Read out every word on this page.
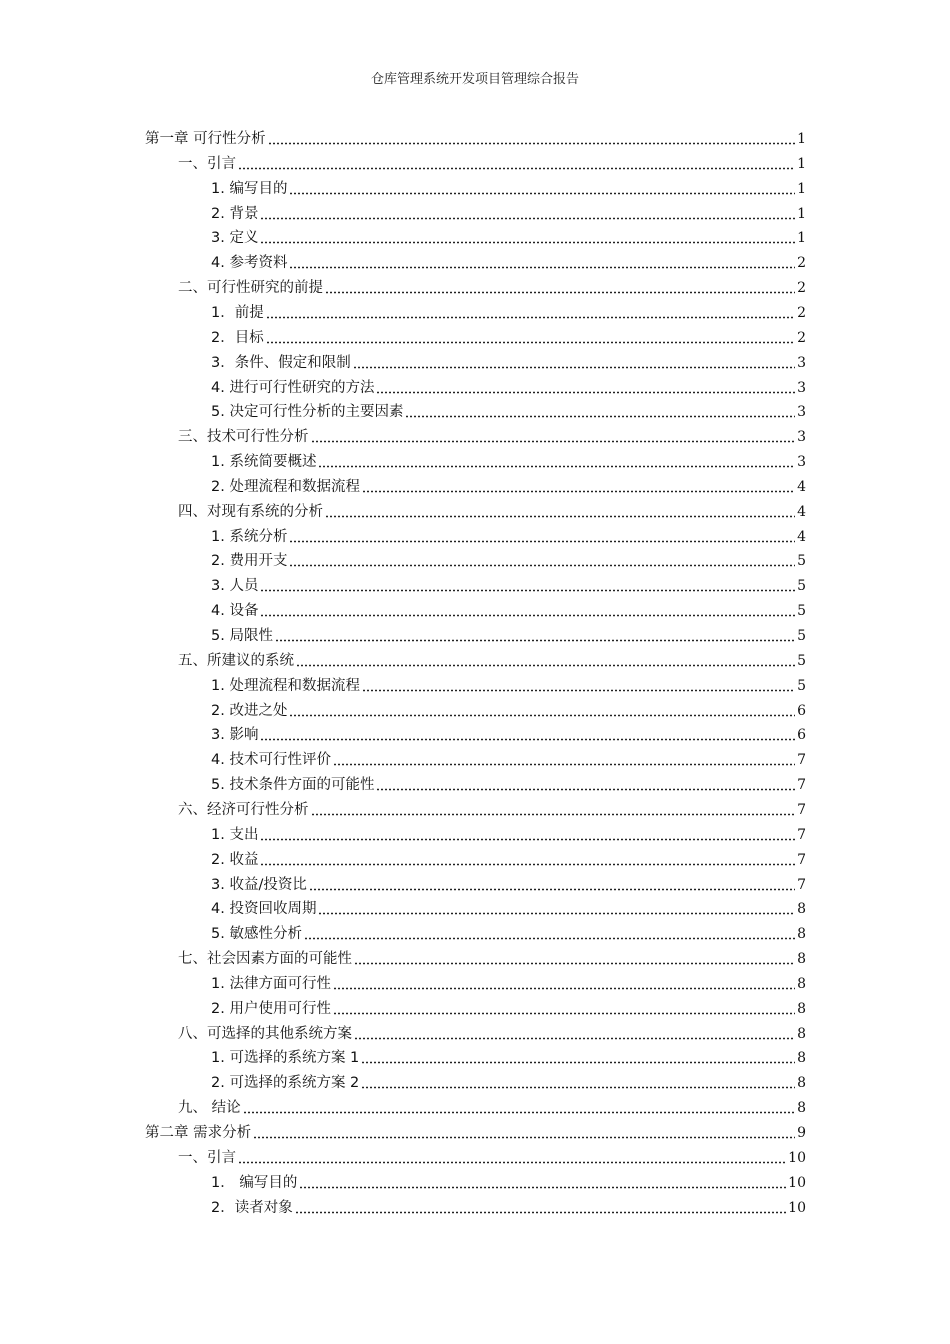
仓库管理系统开发项目管理综合报告
第一章 可行性分析	1
一、引言	1
1. 编写目的	1
2. 背景	1
3. 定义	1
4. 参考资料	2
二、可行性研究的前提	2
1．前提	2
2．目标	2
3．条件、假定和限制	3
4. 进行可行性研究的方法	3
5. 决定可行性分析的主要因素	3
三、技术可行性分析	3
1. 系统简要概述	3
2. 处理流程和数据流程	4
四、对现有系统的分析	4
1. 系统分析	4
2. 费用开支	5
3. 人员	5
4. 设备	5
5. 局限性	5
五、所建议的系统	5
1. 处理流程和数据流程	5
2. 改进之处	6
3. 影响	6
4. 技术可行性评价	7
5. 技术条件方面的可能性	7
六、经济可行性分析	7
1. 支出	7
2. 收益	7
3. 收益/投资比	7
4. 投资回收周期	8
5. 敏感性分析	8
七、社会因素方面的可能性	8
1. 法律方面可行性	8
2. 用户使用可行性	8
八、可选择的其他系统方案	8
1. 可选择的系统方案 1	8
2. 可选择的系统方案 2	8
九、 结论	8
第二章 需求分析	9
一、引言	10
1． 编写目的	10
2．读者对象	10
